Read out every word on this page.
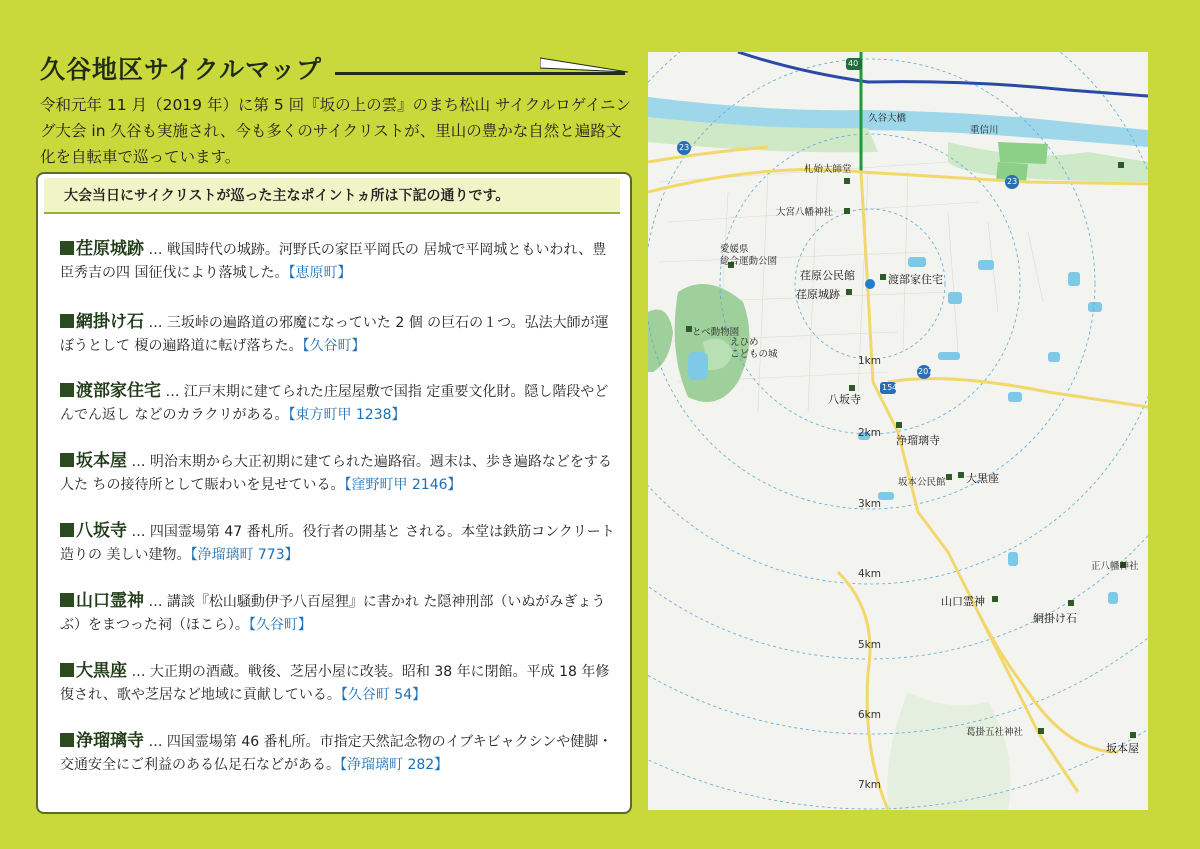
久谷地区サイクルマップ
令和元年 11 月（2019 年）に第 5 回『坂の上の雲』のまち松山 サイクルロゲイニング大会 in 久谷も実施され、今も多くのサイクリストが、里山の豊かな自然と遍路文化を自転車で巡っています。
大会当日にサイクリストが巡った主なポイントヵ所は下記の通りです。
荏原城跡 … 戦国時代の城跡。河野氏の家臣平岡氏の 居城で平岡城ともいわれ、豊臣秀吉の四 国征伐により落城した。【恵原町】
網掛け石 … 三坂峠の遍路道の邪魔になっていた 2 個 の巨石の１つ。弘法大師が運ぼうとして 榎の遍路道に転げ落ちた。【久谷町】
渡部家住宅 … 江戸末期に建てられた庄屋屋敷で国指 定重要文化財。隠し階段やどんでん返し などのカラクリがある。【東方町甲 1238】
坂本屋 … 明治末期から大正初期に建てられた遍路宿。週末は、歩き遍路などをする人た ちの接待所として賑わいを見せている。【窪野町甲 2146】
八坂寺 … 四国霊場第 47 番札所。役行者の開基と される。本堂は鉄筋コンクリート造りの 美しい建物。【浄瑠璃町 773】
山口霊神 … 講談『松山騒動伊予八百屋狸』に書かれ た隠神刑部（いぬがみぎょうぶ）をまつった祠（ほこら）。【久谷町】
大黒座 … 大正期の酒蔵。戦後、芝居小屋に改装。昭和 38 年に閉館。平成 18 年修復され、歌や芝居など地域に貢献している。【久谷町 54】
浄瑠璃寺 … 四国霊場第 46 番札所。市指定天然記念物のイブキビャクシンや健脚・交通安全にご利益のある仏足石などがある。【浄瑠璃町 282】
40
23
23
207
154
久谷大橋
重信川
札始太師堂
大宮八幡神社
愛媛県
総合運動公園
荏原公民館	渡部家住宅
荏原城跡
とべ動物園
えひめ
こどもの城
八坂寺
浄瑠璃寺
坂本公民館 大黒座
正八幡神社
山口霊神
網掛け石
葛掛五社神社
坂本屋
1km
2km
3km
4km
5km
6km
7km
